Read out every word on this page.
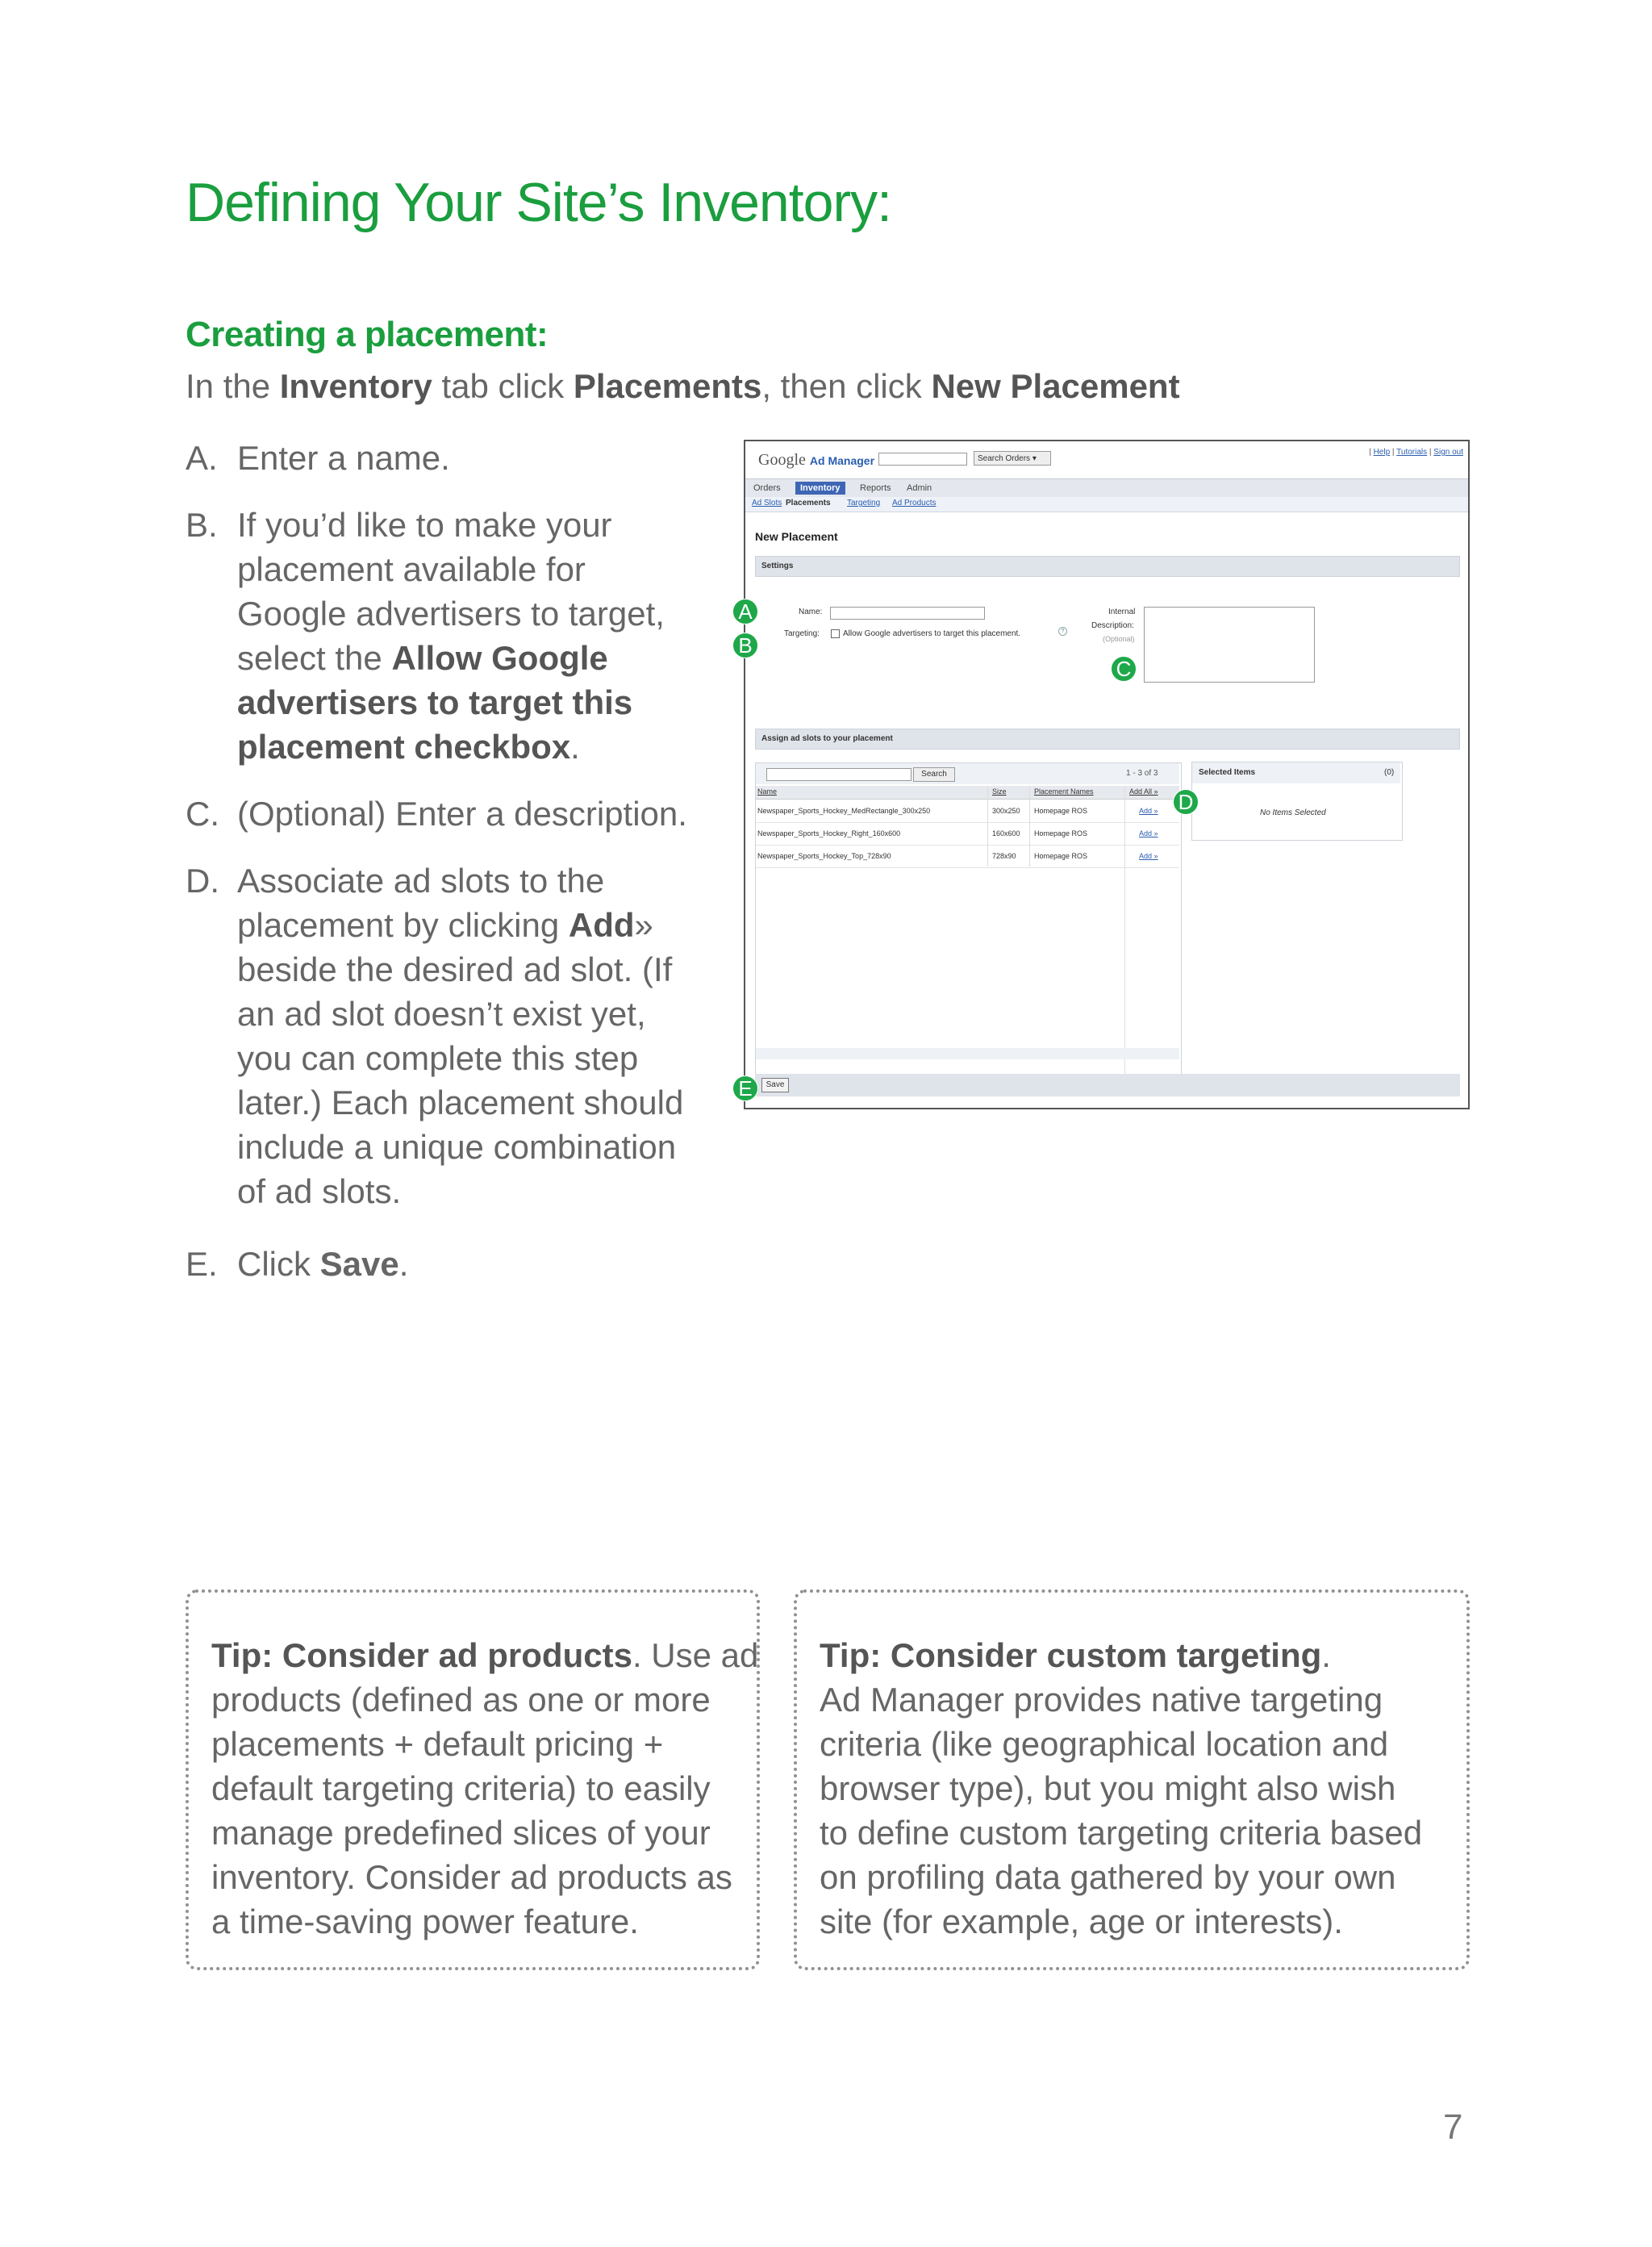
Defining Your Site’s Inventory:
Creating a placement:
In the Inventory tab click Placements, then click New Placement
A. Enter a name.
B. If you’d like to make your
placement available for
Google advertisers to target,
select the Allow Google
advertisers to target this
placement checkbox.
C. (Optional) Enter a description.
D. Associate ad slots to the
placement by clicking Add»
beside the desired ad slot. (If
an ad slot doesn’t exist yet,
you can complete this step
later.) Each placement should
include a unique combination
of ad slots.
E. Click Save.
Google Ad Manager	Search Orders ▾
| Help | Tutorials | Sign out
Orders	Inventory	Reports	Admin
Ad Slots Placements Targeting Ad Products
New Placement
Settings
Name:
Targeting:	Allow Google advertisers to target this placement.	?
Internal
Description:
(Optional)
Assign ad slots to your placement
Search	1 - 3 of 3
Name	Size	Placement Names	Add All »
Newspaper_Sports_Hockey_MedRectangle_300x250	300x250 Homepage ROS	Add »
Newspaper_Sports_Hockey_Right_160x600	160x600 Homepage ROS	Add »
Newspaper_Sports_Hockey_Top_728x90	728x90 Homepage ROS	Add »
Selected Items	(0)
No Items Selected
Save
A
B
C
D
E
Tip: Consider ad products. Use ad
products (defined as one or more
placements + default pricing +
default targeting criteria) to easily
manage predefined slices of your
inventory. Consider ad products as
a time-saving power feature.
Tip: Consider custom targeting.
Ad Manager provides native targeting
criteria (like geographical location and
browser type), but you might also wish
to define custom targeting criteria based
on profiling data gathered by your own
site (for example, age or interests).
7
